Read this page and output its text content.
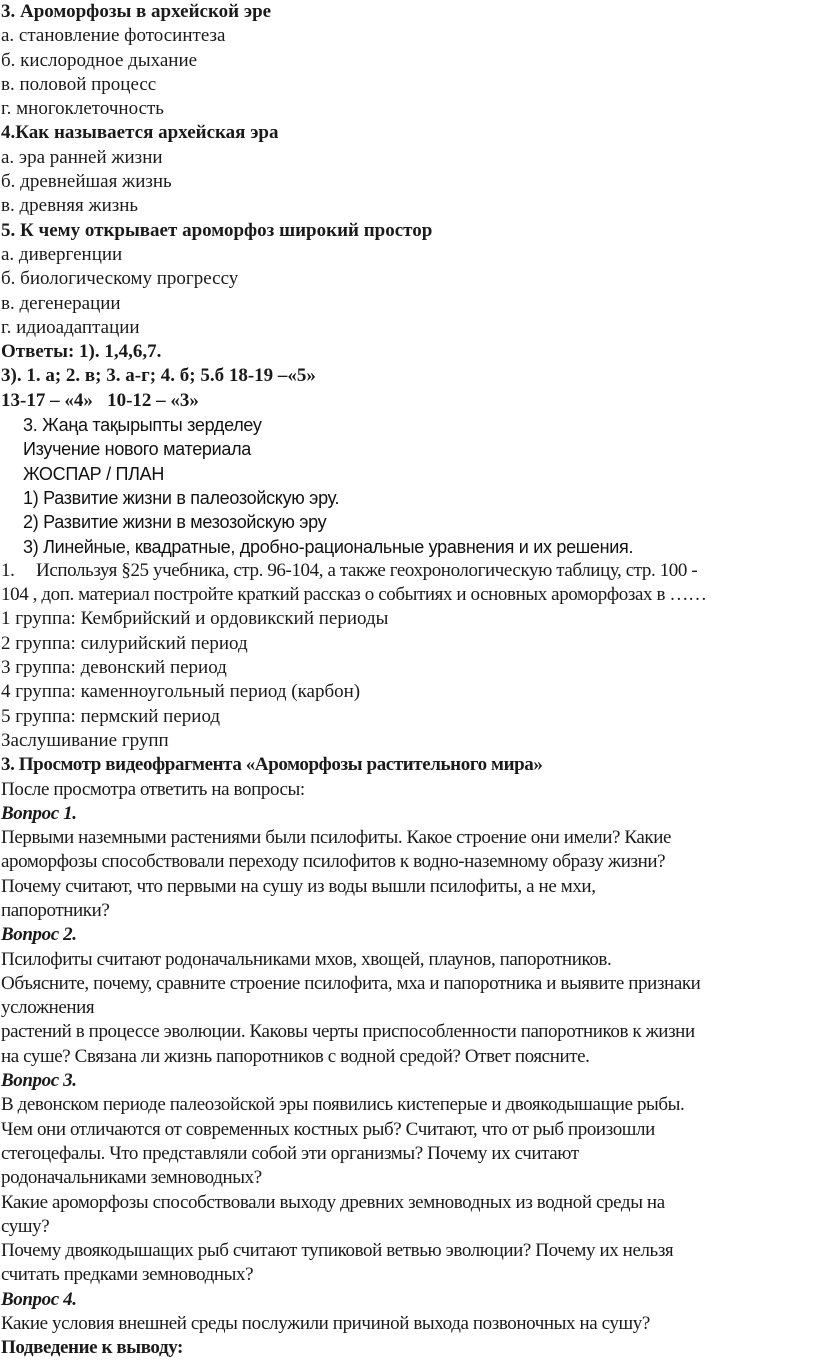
3. Ароморфозы в архейской эре

а. становление фотосинтеза

б. кислородное дыхание

в. половой процесс

г. многоклеточность

4.Как называется архейская эра

а. эра ранней жизни

б. древнейшая жизнь

в. древняя жизнь

5. К чему открывает ароморфоз широкий простор

а. дивергенции

б. биологическому прогрессу

в. дегенерации

г. идиоадаптации

Ответы: 1). 1,4,6,7.

3). 1. а; 2. в; 3. а-г; 4. б; 5.б 18-19 –«5»

13-17 – «4»   10-12 – «3»

3. Жаңа тақырыпты зерделеу

Изучение нового материала

ЖОСПАР / ПЛАН

1) Развитие жизни в палеозойскую эру.

2) Развитие жизни в мезозойскую эру

3) Линейные, квадратные, дробно-рациональные уравнения и их решения.

1. Используя §25 учебника, стр. 96-104, а также геохронологическую таблицу, стр. 100 -

104 , доп. материал постройте краткий рассказ о событиях и основных ароморфозах в ……

1 группа: Кембрийский и ордовикский периоды

2 группа: силурийский период

3 группа: девонский период

4 группа: каменноугольный период (карбон)

5 группа: пермский период

Заслушивание групп

3. Просмотр видеофрагмента «Ароморфозы растительного мира»

После просмотра ответить на вопросы:

Вопрос 1.

Первыми наземными растениями были псилофиты. Какое строение они имели? Какие

ароморфозы способствовали переходу псилофитов к водно-наземному образу жизни?

Почему считают, что первыми на сушу из воды вышли псилофиты, а не мхи,

папоротники?

Вопрос 2.

Псилофиты считают родоначальниками мхов, хвощей, плаунов, папоротников.

Объясните, почему, сравните строение псилофита, мха и папоротника и выявите признаки

усложнения

растений в процессе эволюции. Каковы черты приспособленности папоротников к жизни

на суше? Связана ли жизнь папоротников с водной средой? Ответ поясните.

Вопрос 3.

В девонском периоде палеозойской эры появились кистеперые и двоякодышащие рыбы.

Чем они отличаются от современных костных рыб? Считают, что от рыб произошли

стегоцефалы. Что представляли собой эти организмы? Почему их считают

родоначальниками земноводных?

Какие ароморфозы способствовали выходу древних земноводных из водной среды на

сушу?

Почему двоякодышащих рыб считают тупиковой ветвью эволюции? Почему их нельзя

считать предками земноводных?

Вопрос 4.

Какие условия внешней среды послужили причиной выхода позвоночных на сушу?

Подведение к выводу:
